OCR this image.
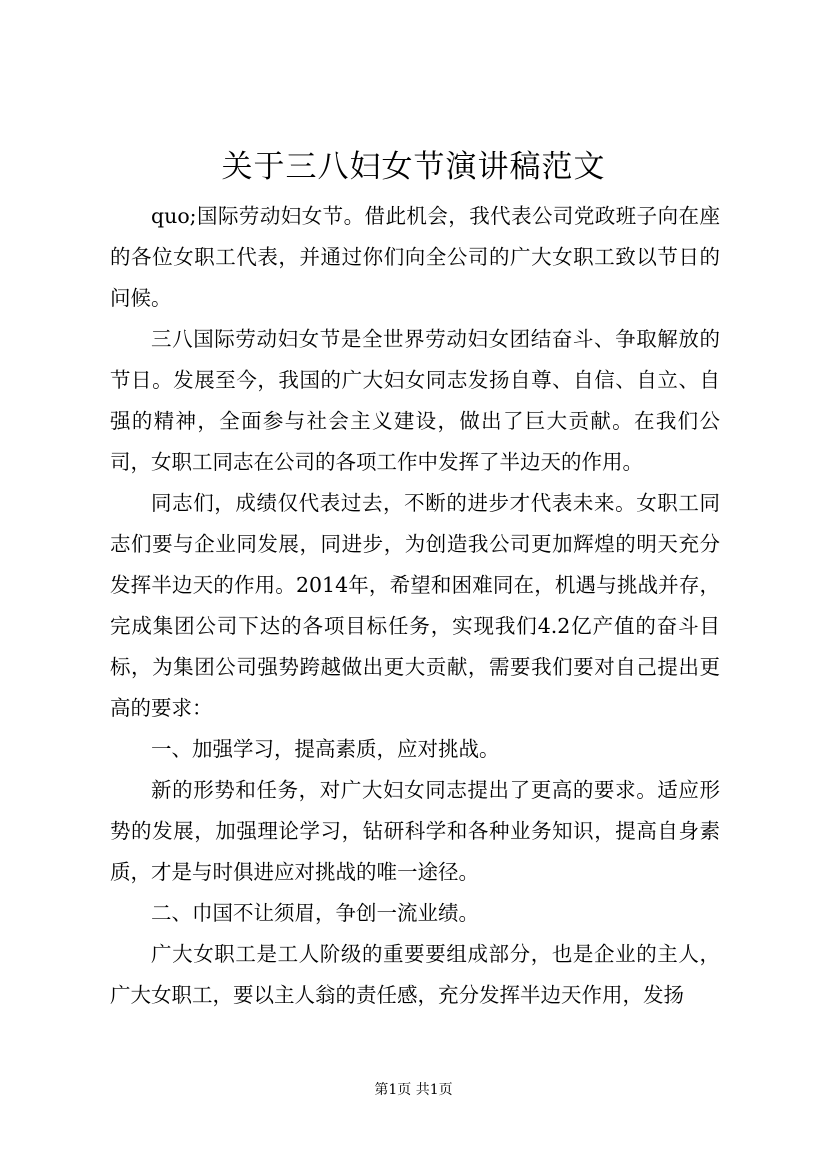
关于三八妇女节演讲稿范文

quo;国际劳动妇女节。借此机会，我代表公司党政班子向在座的各位女职工代表，并通过你们向全公司的广大女职工致以节日的问候。

三八国际劳动妇女节是全世界劳动妇女团结奋斗、争取解放的节日。发展至今，我国的广大妇女同志发扬自尊、自信、自立、自强的精神，全面参与社会主义建设，做出了巨大贡献。在我们公司，女职工同志在公司的各项工作中发挥了半边天的作用。

同志们，成绩仅代表过去，不断的进步才代表未来。女职工同志们要与企业同发展，同进步，为创造我公司更加辉煌的明天充分发挥半边天的作用。2014年，希望和困难同在，机遇与挑战并存，完成集团公司下达的各项目标任务，实现我们4.2亿产值的奋斗目标，为集团公司强势跨越做出更大贡献，需要我们要对自己提出更高的要求：

一、加强学习，提高素质，应对挑战。

新的形势和任务，对广大妇女同志提出了更高的要求。适应形势的发展，加强理论学习，钻研科学和各种业务知识，提高自身素质，才是与时俱进应对挑战的唯一途径。

二、巾国不让须眉，争创一流业绩。

广大女职工是工人阶级的重要要组成部分，也是企业的主人，广大女职工，要以主人翁的责任感，充分发挥半边天作用，发扬

第1页 共1页
